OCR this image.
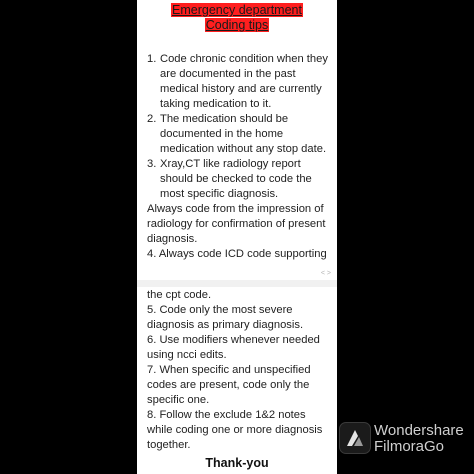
Emergency department
Coding tips
1. Code chronic condition when they are documented in the past medical history and are currently taking medication to it.
2. The medication should be documented in the home medication without any stop date.
3. Xray,CT like radiology report should be checked to code the most specific diagnosis.
Always code from the impression of radiology for confirmation of present diagnosis.
4. Always code ICD code supporting
< >
the cpt code.
5. Code only the most severe diagnosis as primary diagnosis.
6. Use modifiers whenever needed using ncci edits.
7. When specific and unspecified codes are present, code only the specific one.
8. Follow the exclude 1&2 notes while coding one or more diagnosis together.
Thank-you
Wondershare
FilmoraGo
